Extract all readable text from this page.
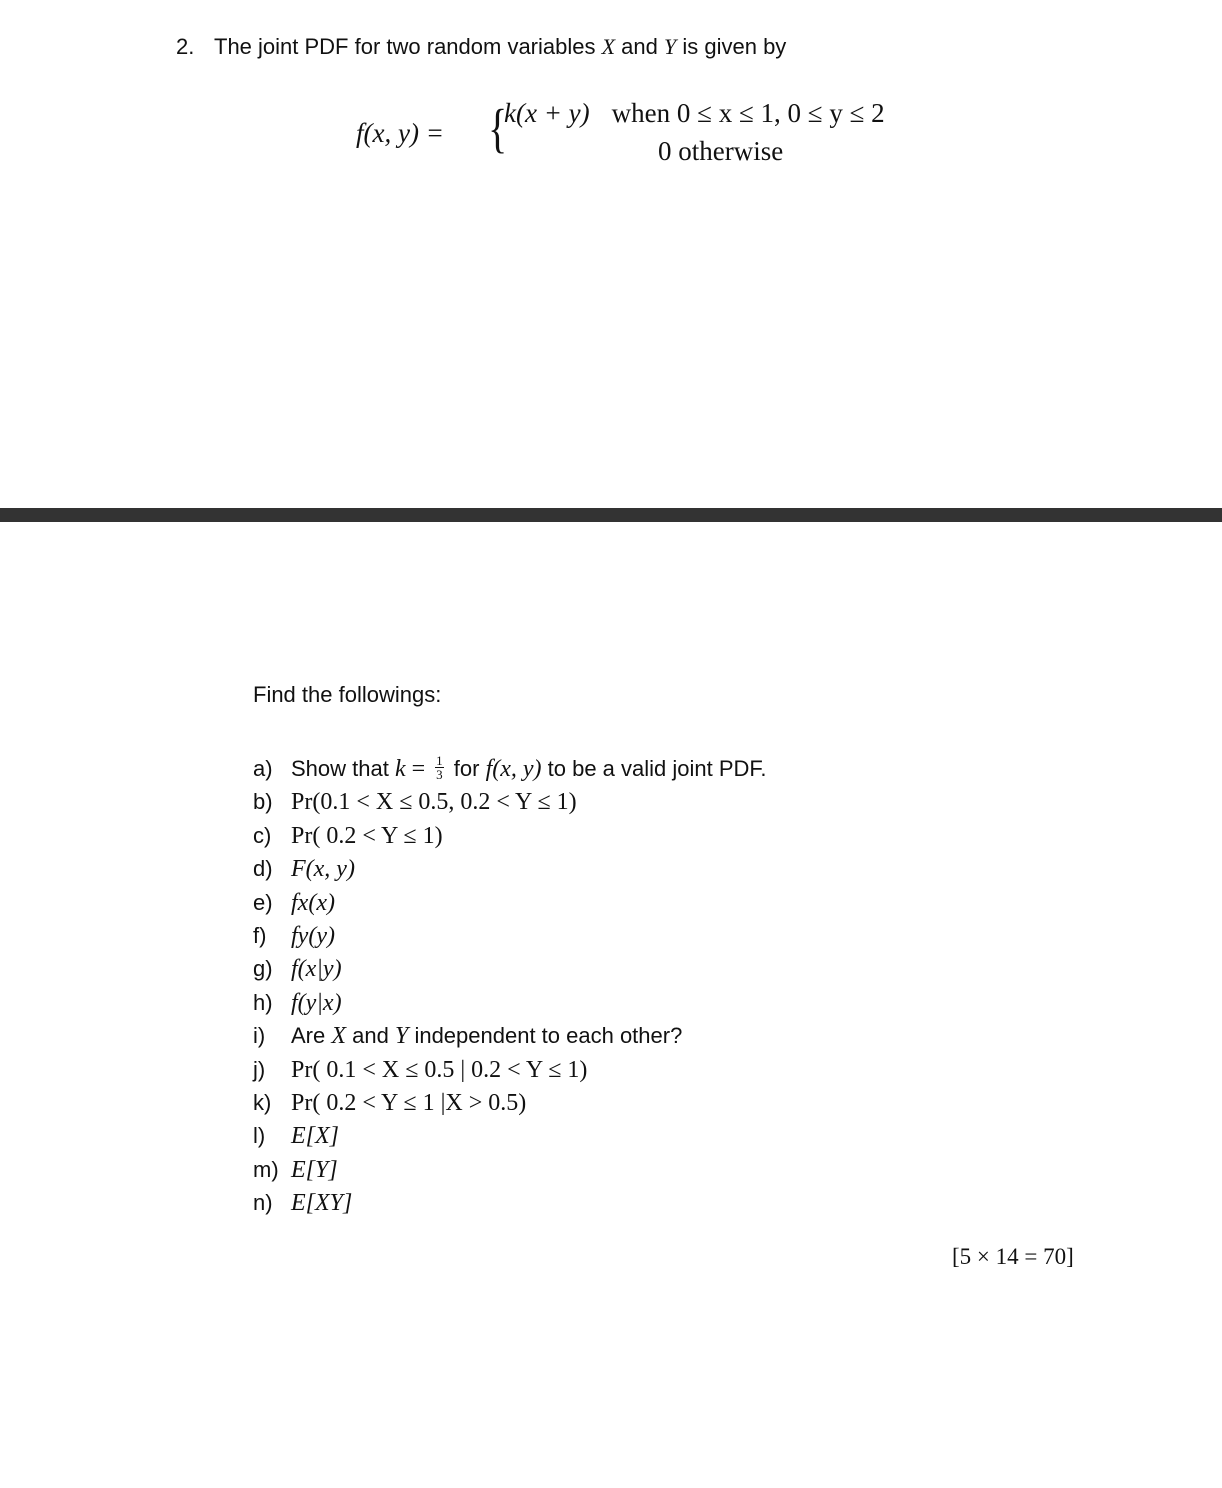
2. The joint PDF for two random variables X and Y is given by
f(x, y) = {
k(x + y) when 0 ≤ x ≤ 1, 0 ≤ y ≤ 2
0 otherwise
Find the followings:
a) Show that $k = \frac{1}{3}$ for f(x, y) to be a valid joint PDF.
b) Pr(0.1 < X ≤ 0.5, 0.2 < Y ≤ 1)
c) Pr( 0.2 < Y ≤ 1)
d) F(x, y)
e) fx(x)
f) fy(y)
g) f(x|y)
h) f(y|x)
i) Are X and Y independent to each other?
j) Pr( 0.1 < X ≤ 0.5 | 0.2 < Y ≤ 1)
k) Pr( 0.2 < Y ≤ 1 |X > 0.5)
l) E[X]
m) E[Y]
n) E[XY]
[5 × 14 = 70]
